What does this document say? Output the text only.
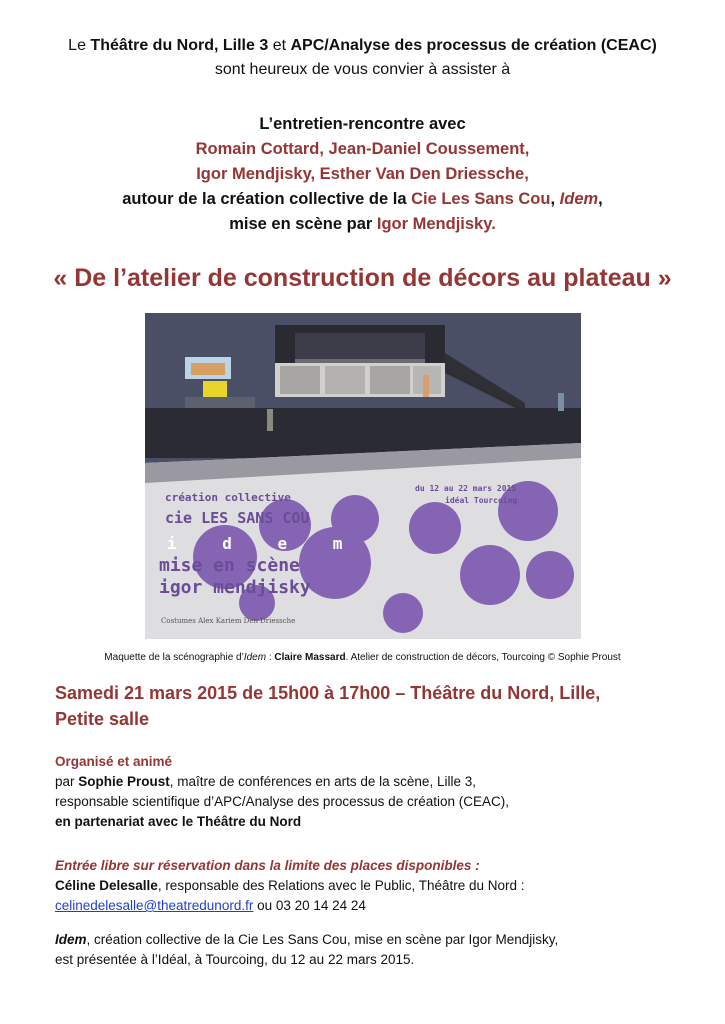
Le Théâtre du Nord, Lille 3 et APC/Analyse des processus de création (CEAC)
sont heureux de vous convier à assister à
L’entretien-rencontre avec
Romain Cottard, Jean-Daniel Coussement,
Igor Mendjisky, Esther Van Den Driessche,
autour de la création collective de la Cie Les Sans Cou, Idem,
mise en scène par Igor Mendjisky.
« De l’atelier de construction de décors au plateau »
création collective
cie LES SANS COU
i d e m
mise en scène
igor mendjisky
du 12 au 22 mars 2015
idéal Tourcoing
Costumes Alex Kariem Den Driessche
Maquette de la scénographie d’Idem : Claire Massard. Atelier de construction de décors, Tourcoing © Sophie Proust
Samedi 21 mars 2015 de 15h00 à 17h00 – Théâtre du Nord, Lille,
Petite salle
Organisé et animé
par Sophie Proust, maître de conférences en arts de la scène, Lille 3,
responsable scientifique d’APC/Analyse des processus de création (CEAC),
en partenariat avec le Théâtre du Nord
Entrée libre sur réservation dans la limite des places disponibles :
Céline Delesalle, responsable des Relations avec le Public, Théâtre du Nord :
celinedelesalle@theatredunord.fr ou 03 20 14 24 24
Idem, création collective de la Cie Les Sans Cou, mise en scène par Igor Mendjisky,
est présentée à l’Idéal, à Tourcoing, du 12 au 22 mars 2015.
